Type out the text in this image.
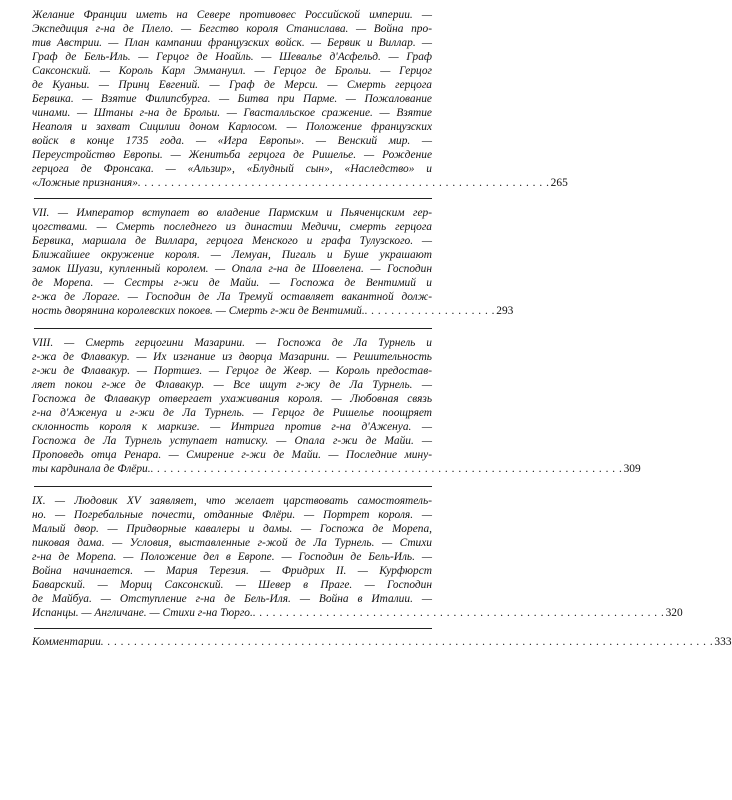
Желание Франции иметь на Севере противовес Российской империи. —
Экспедиция г-на де Плело. — Бегство короля Станислава. — Война про-
тив Австрии. — План кампании французских войск. — Бервик и Виллар. —
Граф де Бель-Иль. — Герцог де Ноайль. — Шевалье д'Асфельд. — Граф
Саксонский. — Король Карл Эммануил. — Герцог де Брольи. — Герцог
де Куаньи. — Принц Евгений. — Граф де Мерси. — Смерть герцога
Бервика. — Взятие Филипсбурга. — Битва при Парме. — Пожалование
чинами. — Штаны г-на де Брольи. — Гвасталльское сражение. — Взятие
Неаполя и захват Сицилии доном Карлосом. — Положение французских
войск в конце 1735 года. — «Игра Европы». — Венский мир. —
Переустройство Европы. — Женитьба герцога де Ришелье. — Рождение
герцога де Фронсака. — «Альзир», «Блудный сын», «Наследство» и
«Ложные признания» . . . . . . . . . . . . . . . . . . . . . . . . . . . . . . . . . . . . . . . . . . . . . . . . . . . . . . . . . . . . . . 265
VII. — Император вступает во владение Пармским и Пьяченцским гер-
цогствами. — Смерть последнего из династии Медичи, смерть герцога
Бервика, маршала де Виллара, герцога Менского и графа Тулузского. —
Ближайшее окружение короля. — Лемуан, Пигаль и Буше украшают
замок Шуази, купленный королем. — Опала г-на де Шовелена. — Господин
де Морепа. — Сестры г-жи де Майи. — Госпожа де Вентимий и
г-жа де Лораге. — Господин де Ла Тремуй оставляет вакантной долж-
ность дворянина королевских покоев. — Смерть г-жи де Вентимий. . . . . . . . . . . . . . . . . . . . . 293
VIII. — Смерть герцогини Мазарини. — Госпожа де Ла Турнель и
г-жа де Флавакур. — Их изгнание из дворца Мазарини. — Решительность
г-жи де Флавакур. — Портшез. — Герцог де Жевр. — Король предостав-
ляет покои г-же де Флавакур. — Все ищут г-жу де Ла Турнель. —
Госпожа де Флавакур отвергает ухаживания короля. — Любовная связь
г-на д'Аженуа и г-жи де Ла Турнель. — Герцог де Ришелье поощряет
склонность короля к маркизе. — Интрига против г-на д'Аженуа. —
Госпожа де Ла Турнель уступает натиску. — Опала г-жи де Майи. —
Проповедь отца Ренара. — Смирение г-жи де Майи. — Последние мину-
ты кардинала де Флёри. . . . . . . . . . . . . . . . . . . . . . . . . . . . . . . . . . . . . . . . . . . . . . . . . . . . . . . . . . . . . . . . . . . . . . . . 309
IX. — Людовик XV заявляет, что желает царствовать самостоятель-
но. — Погребальные почести, отданные Флёри. — Портрет короля. —
Малый двор. — Придворные кавалеры и дамы. — Госпожа де Морепа,
пиковая дама. — Условия, выставленные г-жой де Ла Турнель. — Стихи
г-на де Морепа. — Положение дел в Европе. — Господин де Бель-Иль. —
Война начинается. — Мария Терезия. — Фридрих II. — Курфюрст
Баварский. — Мориц Саксонский. — Шевер в Праге. — Господин
де Майбуа. — Отступление г-на де Бель-Иля. — Война в Италии. —
Испанцы. — Англичане. — Стихи г-на Тюрго. . . . . . . . . . . . . . . . . . . . . . . . . . . . . . . . . . . . . . . . . . . . . . . . . . . . . . . . . . . . . . . 320
Комментарии . . . . . . . . . . . . . . . . . . . . . . . . . . . . . . . . . . . . . . . . . . . . . . . . . . . . . . . . . . . . . . . . . . . . . . . . . . . . . . . . . . . . . . . . . . . . 333
